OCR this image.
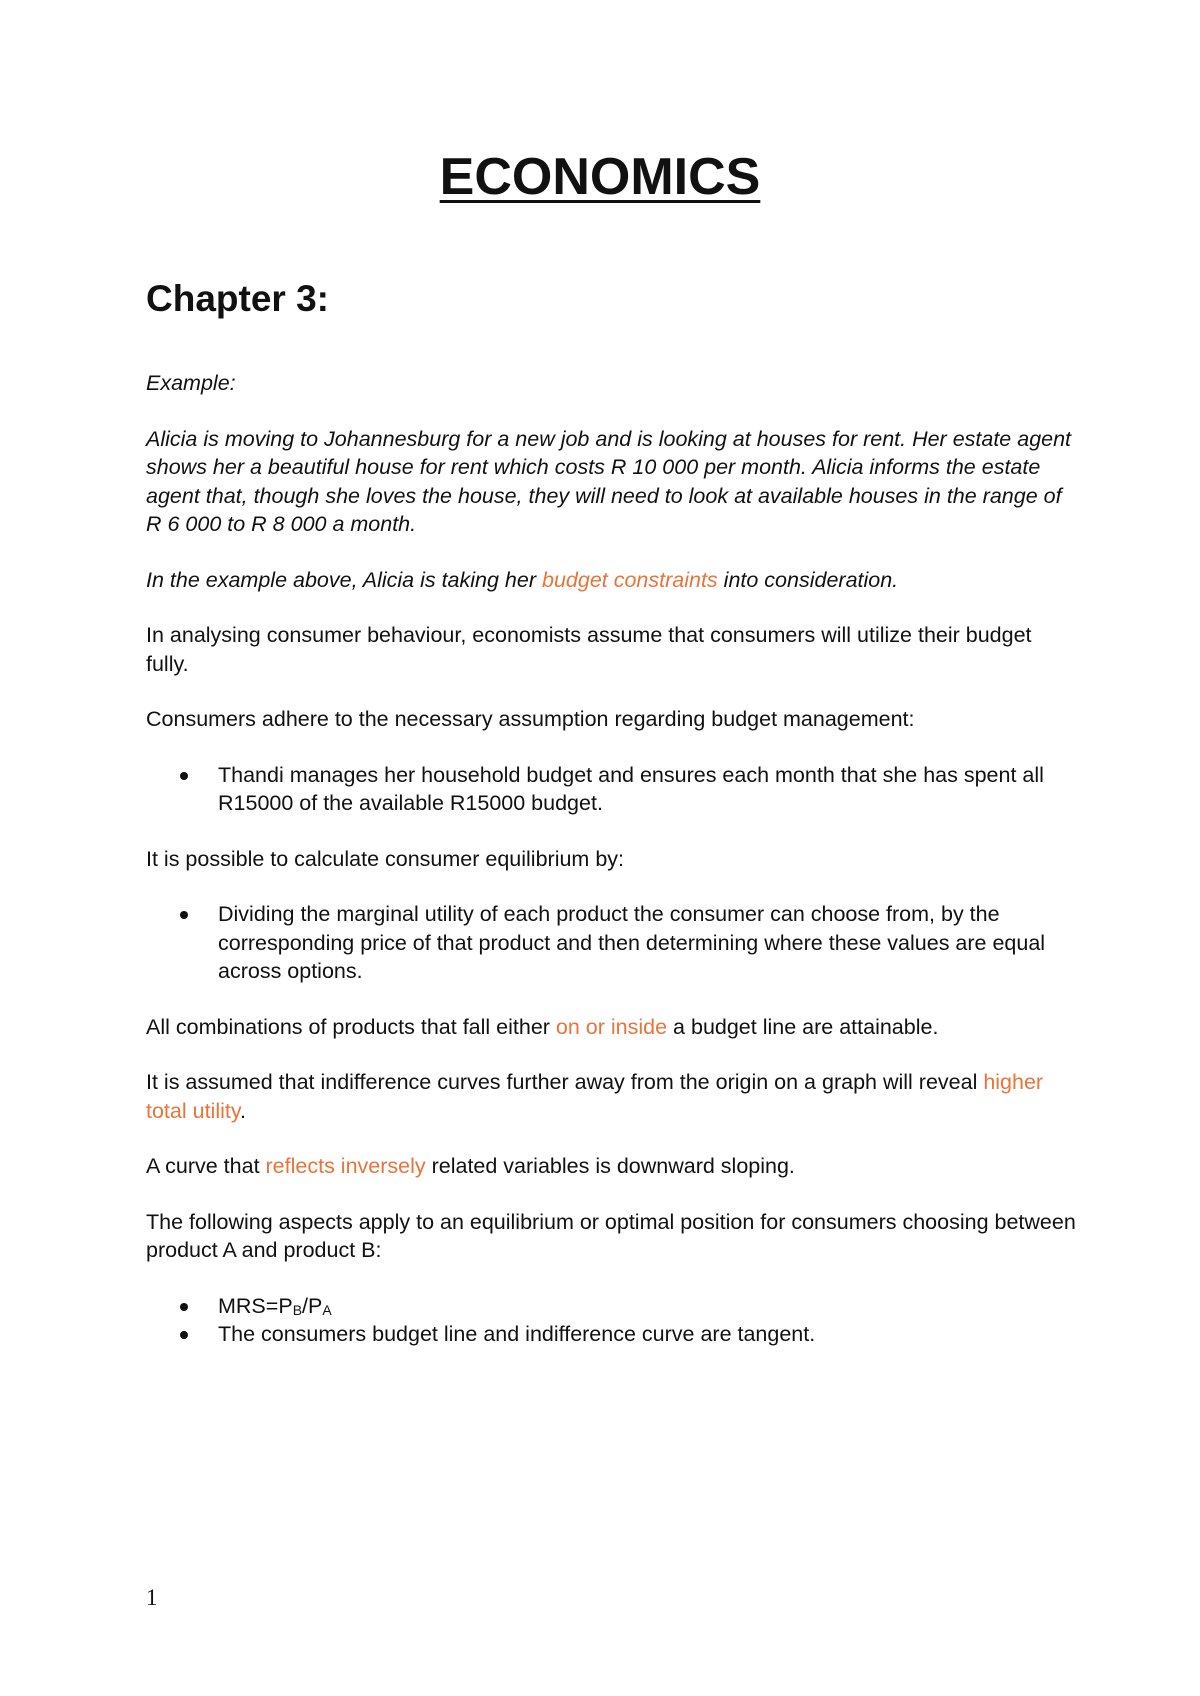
ECONOMICS
Chapter 3:

Example:

Alicia is moving to Johannesburg for a new job and is looking at houses for rent. Her estate agent shows her a beautiful house for rent which costs R 10 000 per month. Alicia informs the estate agent that, though she loves the house, they will need to look at available houses in the range of R 6 000 to R 8 000 a month.

In the example above, Alicia is taking her budget constraints into consideration.

In analysing consumer behaviour, economists assume that consumers will utilize their budget fully.

Consumers adhere to the necessary assumption regarding budget management:

Thandi manages her household budget and ensures each month that she has spent all R15000 of the available R15000 budget.

It is possible to calculate consumer equilibrium by:

Dividing the marginal utility of each product the consumer can choose from, by the corresponding price of that product and then determining where these values are equal across options.

All combinations of products that fall either on or inside a budget line are attainable.

It is assumed that indifference curves further away from the origin on a graph will reveal higher total utility.

A curve that reflects inversely related variables is downward sloping.

The following aspects apply to an equilibrium or optimal position for consumers choosing between product A and product B:

$MRS=P_B/P_A$
The consumers budget line and indifference curve are tangent.
1
